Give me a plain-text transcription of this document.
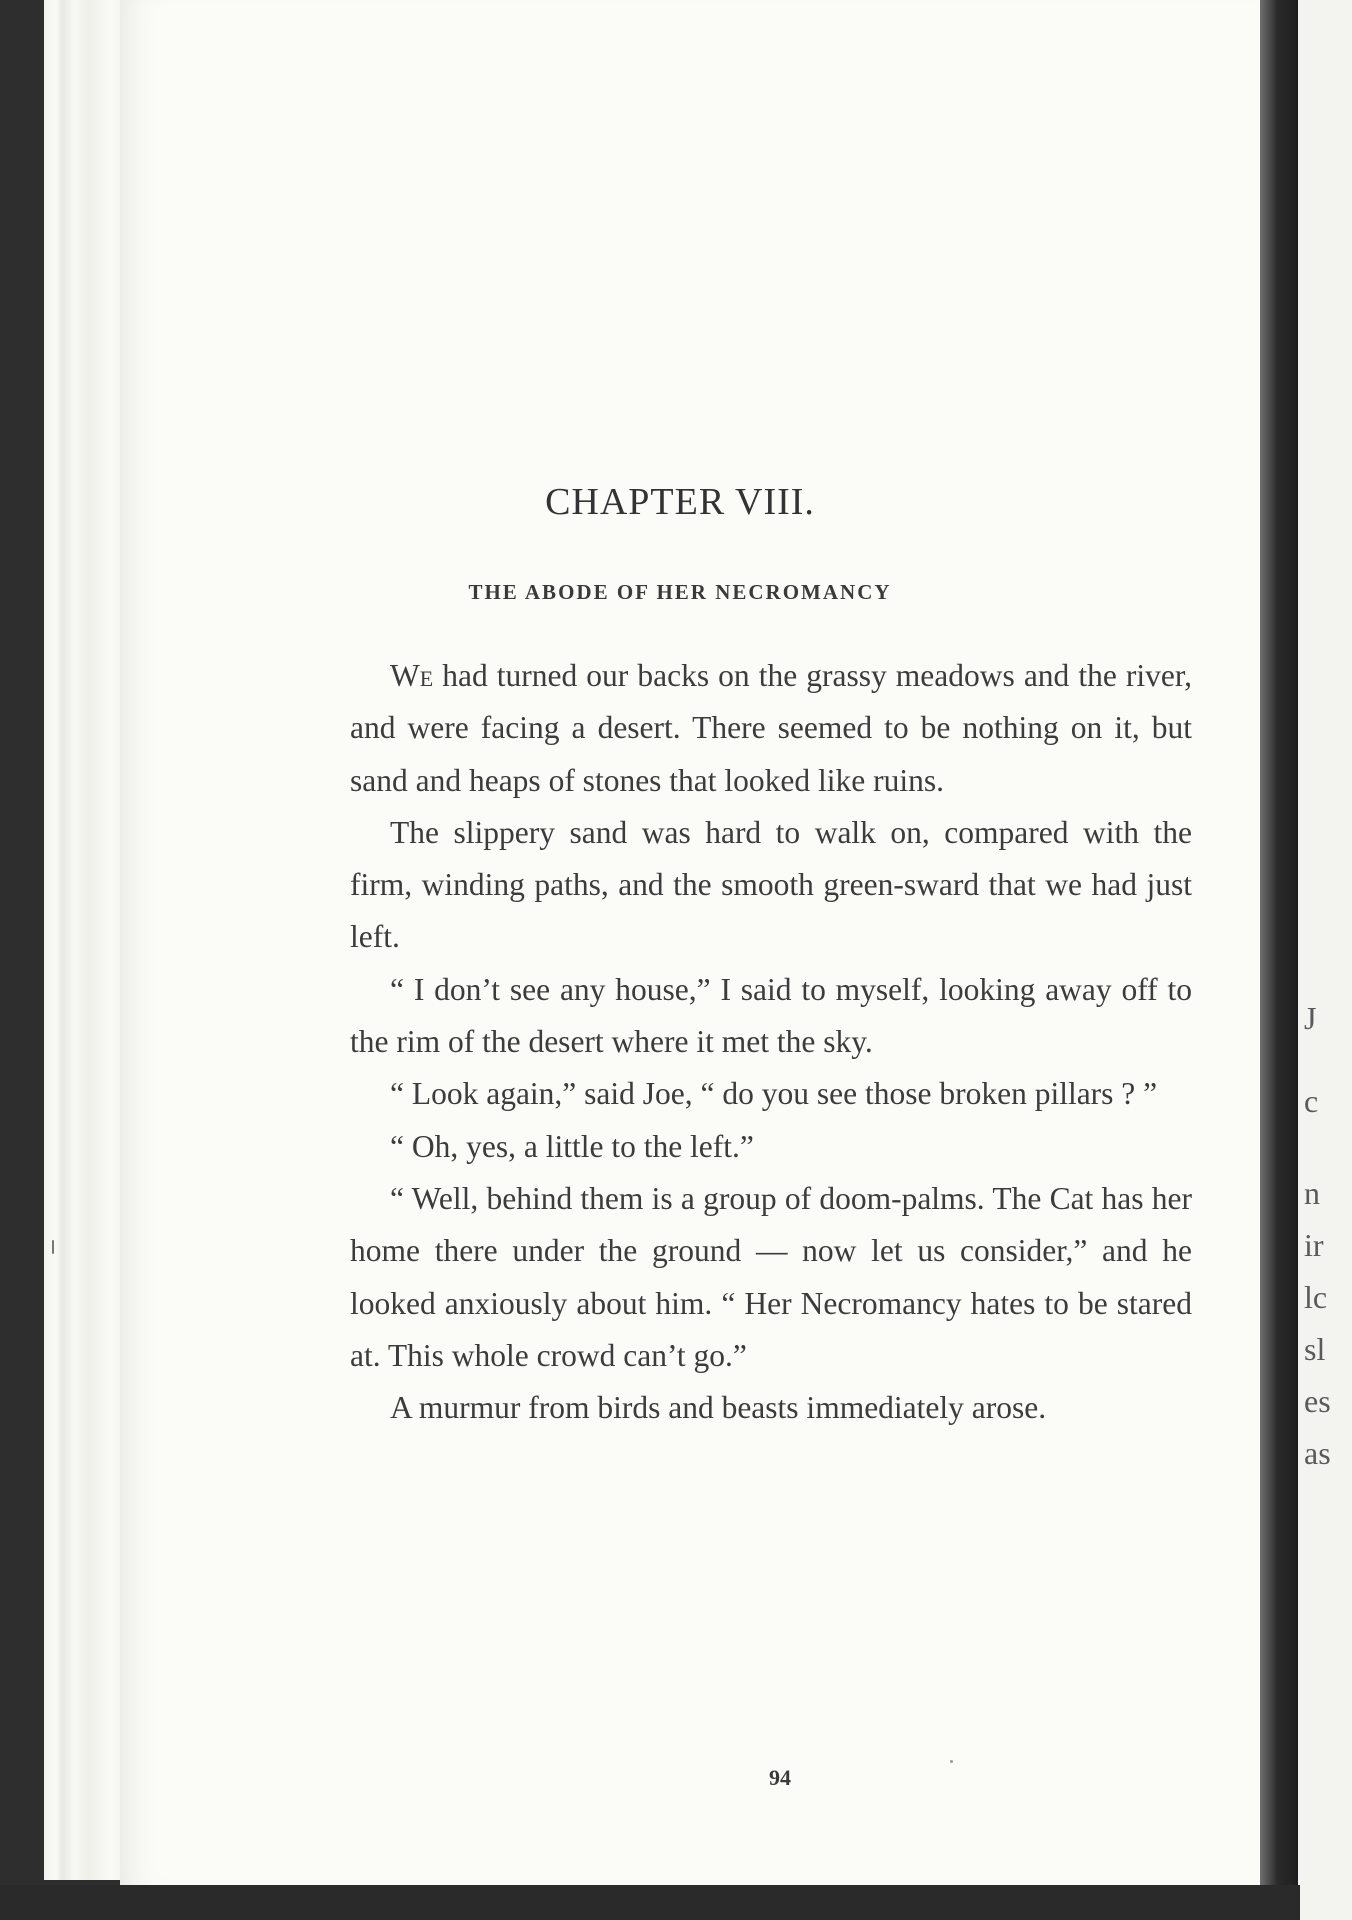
J
c
n
ir
lc
sl
es
as
CHAPTER VIII.
THE ABODE OF HER NECROMANCY

We had turned our backs on the grassy meadows and the river, and were facing a desert. There seemed to be nothing on it, but sand and heaps of stones that looked like ruins.

The slippery sand was hard to walk on, compared with the firm, winding paths, and the smooth green-sward that we had just left.

“ I don’t see any house,” I said to myself, looking away off to the rim of the desert where it met the sky.

“ Look again,” said Joe, “ do you see those broken pillars ? ”

“ Oh, yes, a little to the left.”

“ Well, behind them is a group of doom-palms. The Cat has her home there under the ground — now let us consider,” and he looked anxiously about him. “ Her Necromancy hates to be stared at. This whole crowd can’t go.”

A murmur from birds and beasts immediately arose.

94
